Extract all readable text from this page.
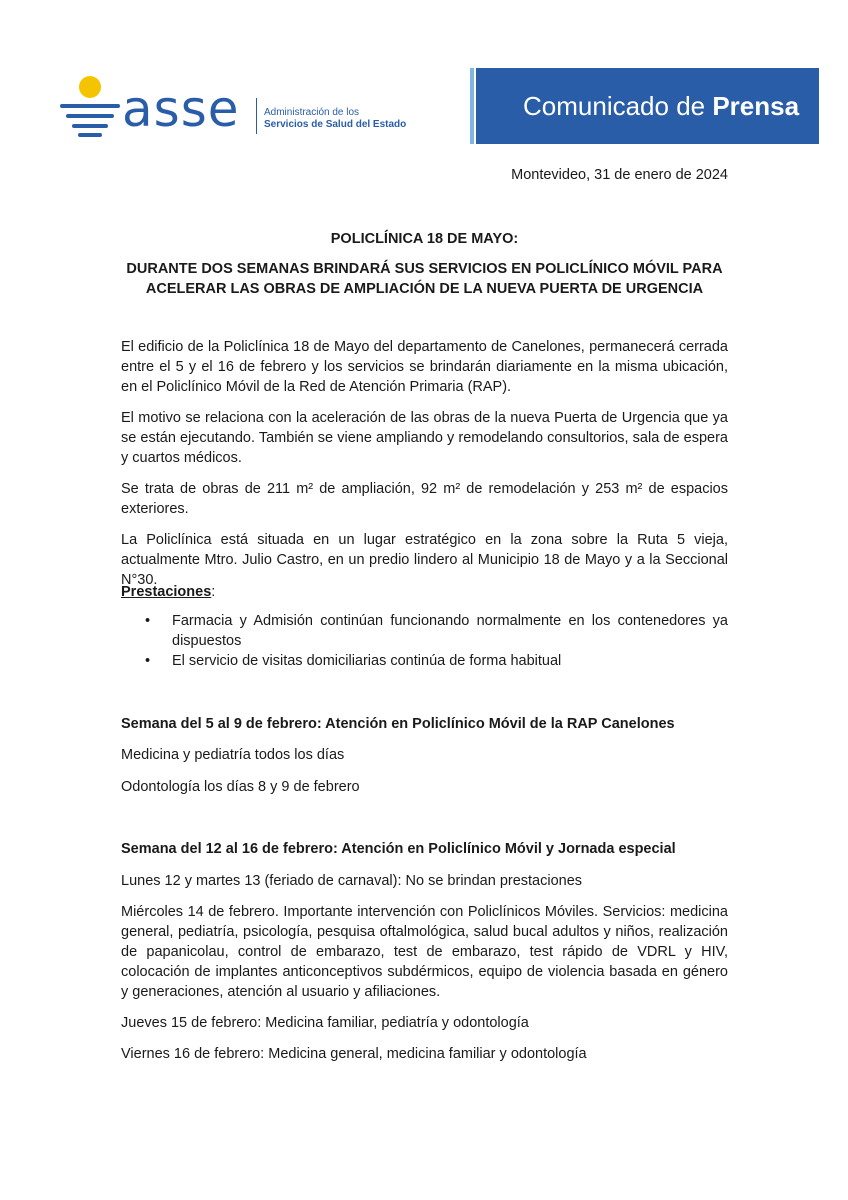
asse Administración de los
Servicios de Salud del Estado
Comunicado de Prensa
Montevideo, 31 de enero de 2024
POLICLÍNICA 18 DE MAYO:
DURANTE DOS SEMANAS BRINDARÁ SUS SERVICIOS EN POLICLÍNICO MÓVIL PARA
ACELERAR LAS OBRAS DE AMPLIACIÓN DE LA NUEVA PUERTA DE URGENCIA

El edificio de la Policlínica 18 de Mayo del departamento de Canelones, permanecerá cerrada entre el 5 y el 16 de febrero y los servicios se brindarán diariamente en la misma ubicación, en el Policlínico Móvil de la Red de Atención Primaria (RAP).

El motivo se relaciona con la aceleración de las obras de la nueva Puerta de Urgencia que ya se están ejecutando. También se viene ampliando y remodelando consultorios, sala de espera y cuartos médicos.

Se trata de obras de 211 m² de ampliación, 92 m² de remodelación y 253 m² de espacios exteriores.

La Policlínica está situada en un lugar estratégico en la zona sobre la Ruta 5 vieja, actualmente Mtro. Julio Castro, en un predio lindero al Municipio 18 de Mayo y a la Seccional N°30.

Prestaciones:
• Farmacia y Admisión continúan funcionando normalmente en los contenedores ya dispuestos
• El servicio de visitas domiciliarias continúa de forma habitual
Semana del 5 al 9 de febrero: Atención en Policlínico Móvil de la RAP Canelones
Medicina y pediatría todos los días
Odontología los días 8 y 9 de febrero
Semana del 12 al 16 de febrero: Atención en Policlínico Móvil y Jornada especial
Lunes 12 y martes 13 (feriado de carnaval): No se brindan prestaciones

Miércoles 14 de febrero. Importante intervención con Policlínicos Móviles. Servicios: medicina general, pediatría, psicología, pesquisa oftalmológica, salud bucal adultos y niños, realización de papanicolau, control de embarazo, test de embarazo, test rápido de VDRL y HIV, colocación de implantes anticonceptivos subdérmicos, equipo de violencia basada en género y generaciones, atención al usuario y afiliaciones.

Jueves 15 de febrero: Medicina familiar, pediatría y odontología
Viernes 16 de febrero: Medicina general, medicina familiar y odontología
